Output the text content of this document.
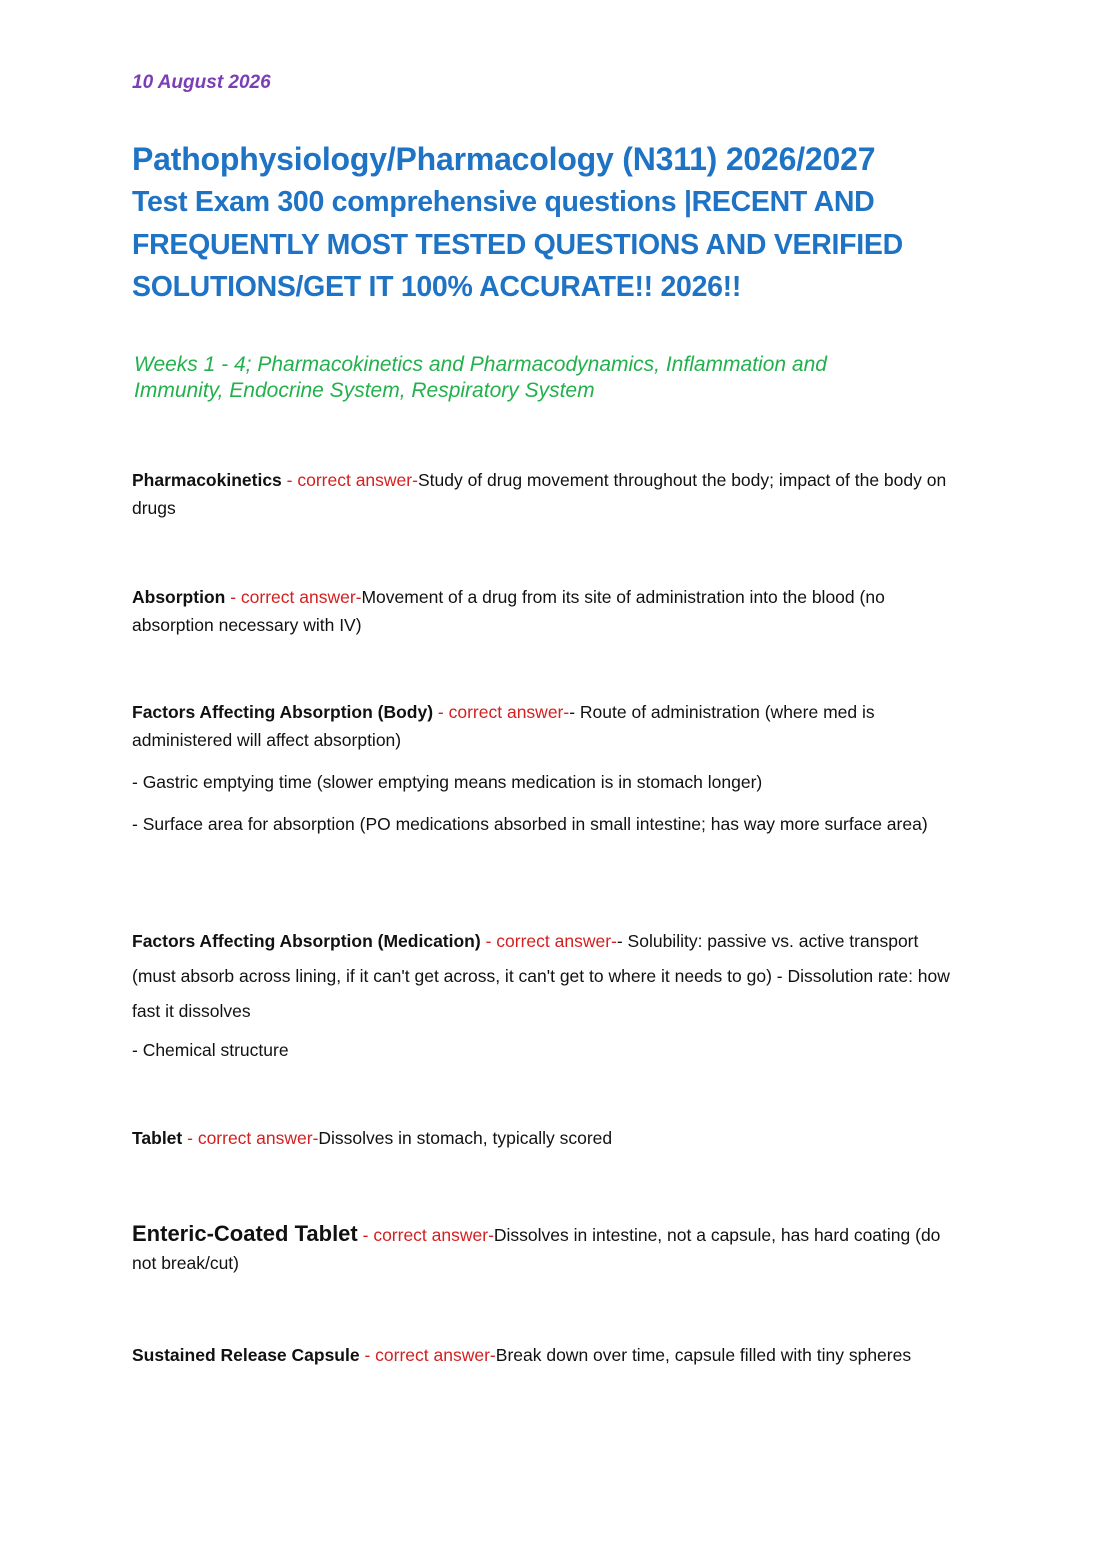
10 August 2026
Pathophysiology/Pharmacology (N311) 2026/2027
Test Exam 300 comprehensive questions |RECENT AND
FREQUENTLY MOST TESTED QUESTIONS AND VERIFIED
SOLUTIONS/GET IT 100% ACCURATE!! 2026!!
Weeks 1 - 4; Pharmacokinetics and Pharmacodynamics, Inflammation and
Immunity, Endocrine System, Respiratory System

Pharmacokinetics - correct answer-Study of drug movement throughout the body; impact of the body on drugs

Absorption - correct answer-Movement of a drug from its site of administration into the blood (no absorption necessary with IV)

Factors Affecting Absorption (Body) - correct answer-- Route of administration (where med is administered will affect absorption)

- Gastric emptying time (slower emptying means medication is in stomach longer)

- Surface area for absorption (PO medications absorbed in small intestine; has way more surface area)

Factors Affecting Absorption (Medication) - correct answer-- Solubility: passive vs. active transport (must absorb across lining, if it can't get across, it can't get to where it needs to go) - Dissolution rate: how fast it dissolves

- Chemical structure

Tablet - correct answer-Dissolves in stomach, typically scored

Enteric-Coated Tablet - correct answer-Dissolves in intestine, not a capsule, has hard coating (do not break/cut)

Sustained Release Capsule - correct answer-Break down over time, capsule filled with tiny spheres
